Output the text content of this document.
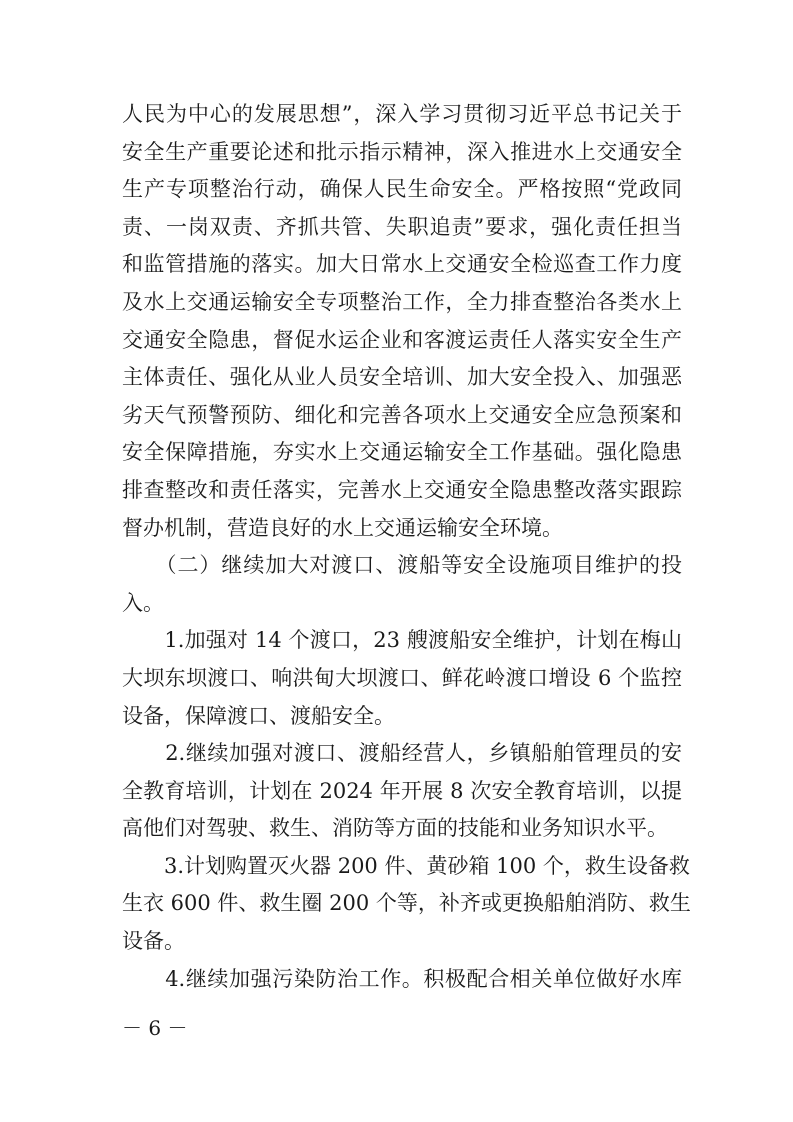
人民为中心的发展思想”，深入学习贯彻习近平总书记关于
安全生产重要论述和批示指示精神，深入推进水上交通安全
生产专项整治行动，确保人民生命安全。严格按照“党政同
责、一岗双责、齐抓共管、失职追责”要求，强化责任担当
和监管措施的落实。加大日常水上交通安全检巡查工作力度
及水上交通运输安全专项整治工作，全力排查整治各类水上
交通安全隐患，督促水运企业和客渡运责任人落实安全生产
主体责任、强化从业人员安全培训、加大安全投入、加强恶
劣天气预警预防、细化和完善各项水上交通安全应急预案和
安全保障措施，夯实水上交通运输安全工作基础。强化隐患
排查整改和责任落实，完善水上交通安全隐患整改落实跟踪
督办机制，营造良好的水上交通运输安全环境。
　　（二）继续加大对渡口、渡船等安全设施项目维护的投
入。
　　1.加强对 14 个渡口，23 艘渡船安全维护，计划在梅山
大坝东坝渡口、响洪甸大坝渡口、鲜花岭渡口增设 6 个监控
设备，保障渡口、渡船安全。
　　2.继续加强对渡口、渡船经营人，乡镇船舶管理员的安
全教育培训，计划在 2024 年开展 8 次安全教育培训，以提
高他们对驾驶、救生、消防等方面的技能和业务知识水平。
　　3.计划购置灭火器 200 件、黄砂箱 100 个，救生设备救
生衣 600 件、救生圈 200 个等，补齐或更换船舶消防、救生
设备。
　　4.继续加强污染防治工作。积极配合相关单位做好水库
－ 6 －
